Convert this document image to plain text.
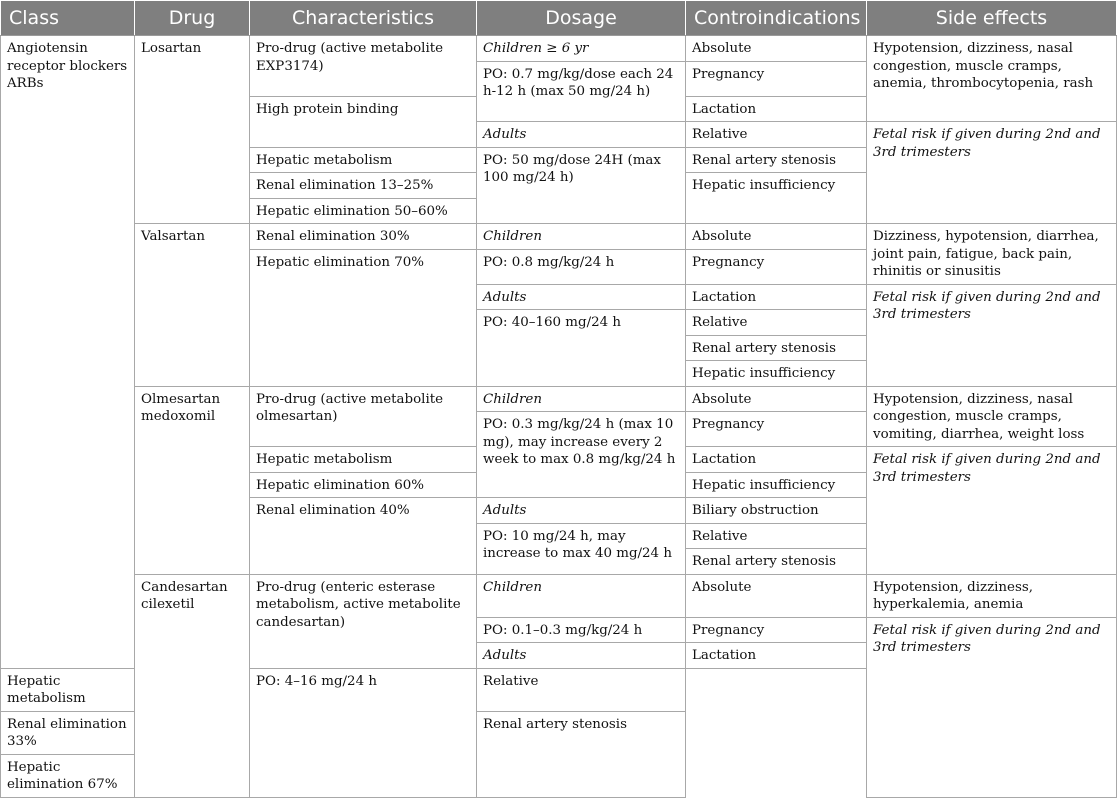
Class	Drug	Characteristics	Dosage	Controindications	Side effects
Angiotensin receptor blockers ARBs	Losartan	Pro-drug (active metabolite EXP3174)	Children ≥ 6 yr	Absolute	Hypotension, dizziness, nasal congestion, muscle cramps, anemia, thrombocytopenia, rash
			PO: 0.7 mg/kg/dose each 24 h-12 h (max 50 mg/24 h)	Pregnancy	
		High protein binding		Lactation	
			Adults	Relative	Fetal risk if given during 2nd and 3rd trimesters
		Hepatic metabolism	PO: 50 mg/dose 24H (max 100 mg/24 h)	Renal artery stenosis	
		Renal elimination 13–25%		Hepatic insufficiency	
		Hepatic elimination 50–60%			
	Valsartan	Renal elimination 30%	Children	Absolute	Dizziness, hypotension, diarrhea, joint pain, fatigue, back pain, rhinitis or sinusitis
		Hepatic elimination 70%	PO: 0.8 mg/kg/24 h	Pregnancy	
			Adults	Lactation	Fetal risk if given during 2nd and 3rd trimesters
			PO: 40–160 mg/24 h	Relative	
				Renal artery stenosis	
				Hepatic insufficiency	
	Olmesartan medoxomil	Pro-drug (active metabolite olmesartan)	Children	Absolute	Hypotension, dizziness, nasal congestion, muscle cramps, vomiting, diarrhea, weight loss
			PO: 0.3 mg/kg/24 h (max 10 mg), may increase every 2 week to max 0.8 mg/kg/24 h	Pregnancy	
		Hepatic metabolism		Lactation	Fetal risk if given during 2nd and 3rd trimesters
		Hepatic elimination 60%		Hepatic insufficiency	
		Renal elimination 40%	Adults	Biliary obstruction	
			PO: 10 mg/24 h, may increase to max 40 mg/24 h	Relative	
				Renal artery stenosis	
	Candesartan cilexetil	Pro-drug (enteric esterase metabolism, active metabolite candesartan)	Children	Absolute	Hypotension, dizziness, hyperkalemia, anemia
			PO: 0.1–0.3 mg/kg/24 h	Pregnancy	Fetal risk if given during 2nd and 3rd trimesters
			Adults	Lactation	
Hepatic metabolism		PO: 4–16 mg/24 h	Relative		
Renal elimination 33%			Renal artery stenosis		
Hepatic elimination 67%					
